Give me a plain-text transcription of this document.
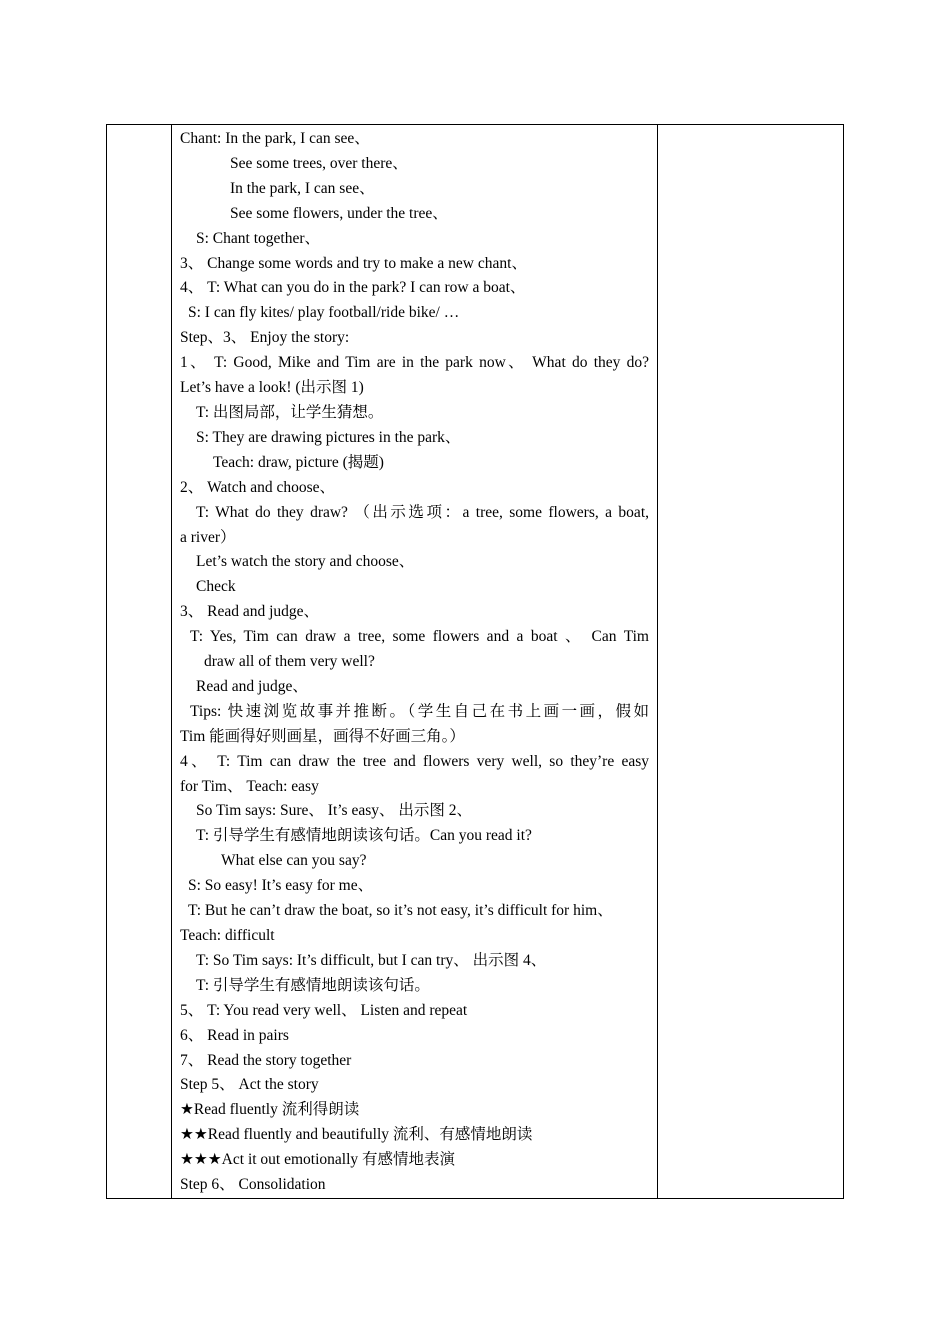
Chant: In the park, I can see、
See some trees, over there、
In the park, I can see、
See some flowers, under the tree、
S: Chant together、
3、 Change some words and try to make a new chant、
4、 T: What can you do in the park? I can row a boat、
S: I can fly kites/ play football/ride bike/ …
Step、3、 Enjoy the story:
1、 T: Good, Mike and Tim are in the park now、 What do they do?
Let’s have a look! (出示图 1)
T: 出图局部，让学生猜想。
S: They are drawing pictures in the park、
Teach: draw, picture (揭题)
2、 Watch and choose、
T: What do they draw? （出示选项：a tree, some flowers, a boat,
a river）
Let’s watch the story and choose、
Check
3、 Read and judge、
T: Yes, Tim can draw a tree, some flowers and a boat 、 Can Tim
draw all of them very well?
Read and judge、
Tips: 快速浏览故事并推断。（学生自己在书上画一画，假如
Tim 能画得好则画星，画得不好画三角。）
4、 T: Tim can draw the tree and flowers very well, so they’re easy
for Tim、 Teach: easy
So Tim says: Sure、 It’s easy、 出示图 2、
T: 引导学生有感情地朗读该句话。Can you read it?
What else can you say?
S: So easy! It’s easy for me、
T: But he can’t draw the boat, so it’s not easy, it’s difficult for him、
Teach: difficult
T: So Tim says: It’s difficult, but I can try、 出示图 4、
T: 引导学生有感情地朗读该句话。
5、 T: You read very well、 Listen and repeat
6、 Read in pairs
7、 Read the story together
Step 5、 Act the story
★Read fluently 流利得朗读
★★Read fluently and beautifully 流利、有感情地朗读
★★★Act it out emotionally 有感情地表演
Step 6、 Consolidation
